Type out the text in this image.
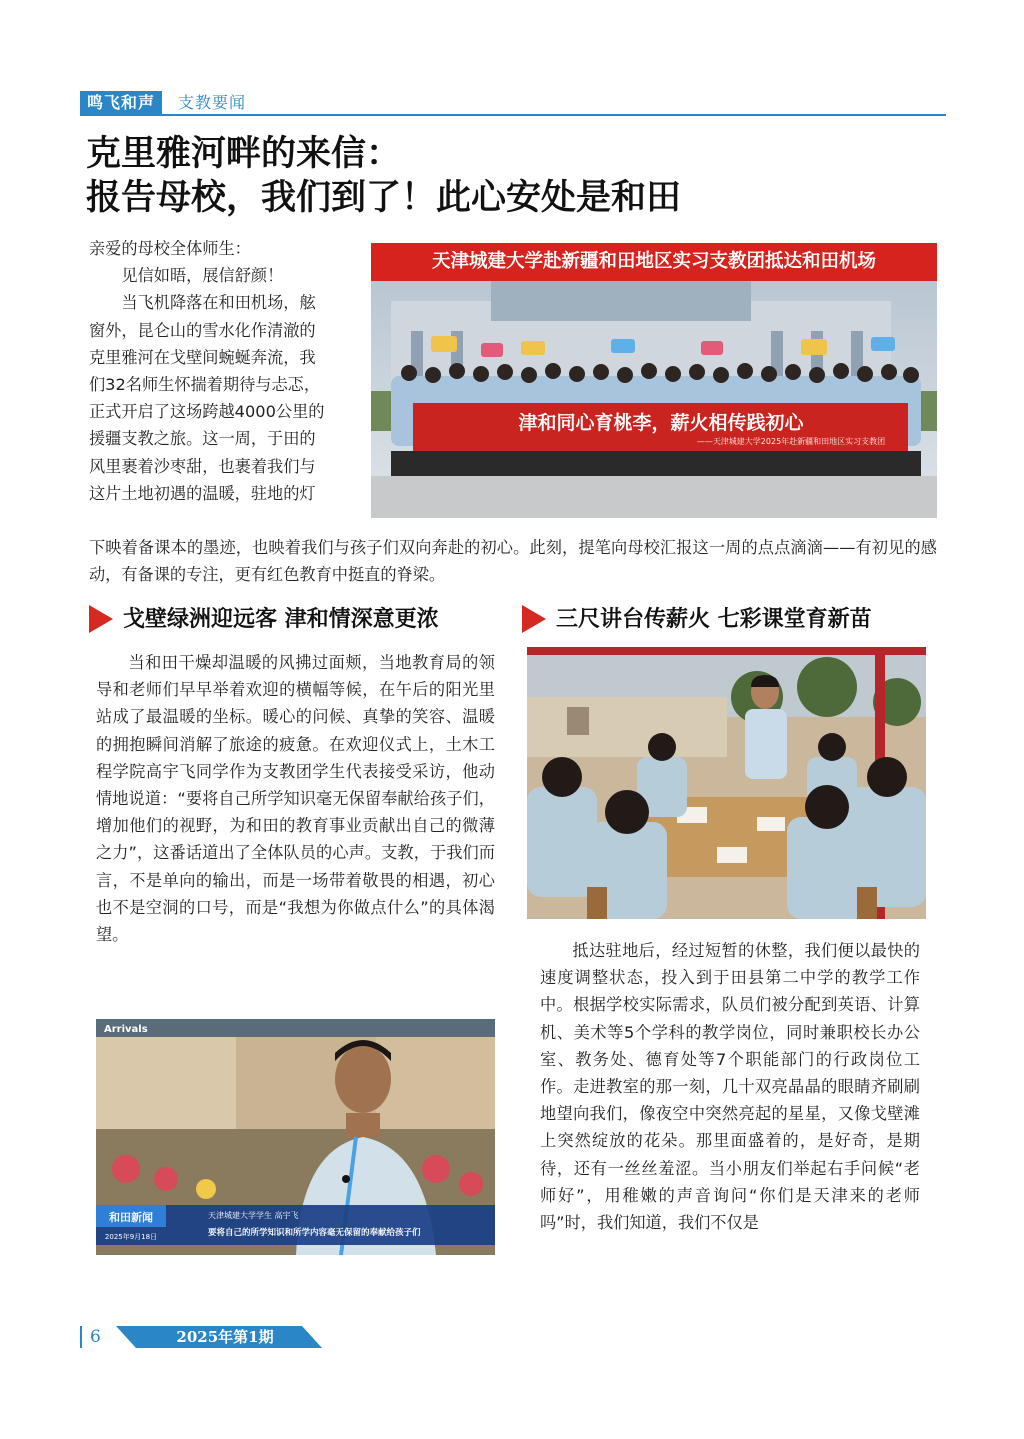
鸣飞和声	支教要闻
克里雅河畔的来信：
报告母校，我们到了！此心安处是和田

亲爱的母校全体师生：

见信如晤，展信舒颜！

当飞机降落在和田机场，舷

窗外，昆仑山的雪水化作清澈的

克里雅河在戈壁间蜿蜒奔流，我

们32名师生怀揣着期待与忐忑，

正式开启了这场跨越4000公里的

援疆支教之旅。这一周，于田的

风里裹着沙枣甜，也裹着我们与

这片土地初遇的温暖，驻地的灯

下映着备课本的墨迹，也映着我们与孩子们双向奔赴的初心。此刻，提笔向母校汇报这一周的点点滴滴——有初见的感动，有备课的专注，更有红色教育中挺直的脊梁。
天津城建大学赴新疆和田地区实习支教团抵达和田机场
津和同心育桃李，薪火相传践初心
——天津城建大学2025年赴新疆和田地区实习支教团
戈壁绿洲迎远客 津和情深意更浓
当和田干燥却温暖的风拂过面颊，当地教育局的领导和老师们早早举着欢迎的横幅等候，在午后的阳光里站成了最温暖的坐标。暖心的问候、真挚的笑容、温暖的拥抱瞬间消解了旅途的疲惫。在欢迎仪式上，土木工程学院高宇飞同学作为支教团学生代表接受采访，他动情地说道：“要将自己所学知识毫无保留奉献给孩子们，增加他们的视野，为和田的教育事业贡献出自己的微薄之力”，这番话道出了全体队员的心声。支教，于我们而言，不是单向的输出，而是一场带着敬畏的相遇，初心也不是空洞的口号，而是“我想为你做点什么”的具体渴望。
Arrivals
和田新闻
2025年9月18日
天津城建大学学生 高宇飞
要将自己的所学知识和所学内容毫无保留的奉献给孩子们
三尺讲台传薪火 七彩课堂育新苗
抵达驻地后，经过短暂的休整，我们便以最快的速度调整状态，投入到于田县第二中学的教学工作中。根据学校实际需求，队员们被分配到英语、计算机、美术等5个学科的教学岗位，同时兼职校长办公室、教务处、德育处等7个职能部门的行政岗位工作。走进教室的那一刻，几十双亮晶晶的眼睛齐刷刷地望向我们，像夜空中突然亮起的星星，又像戈壁滩上突然绽放的花朵。那里面盛着的，是好奇，是期待，还有一丝丝羞涩。当小朋友们举起右手问候“老师好”，用稚嫩的声音询问“你们是天津来的老师吗”时，我们知道，我们不仅是
6	2025年第1期
